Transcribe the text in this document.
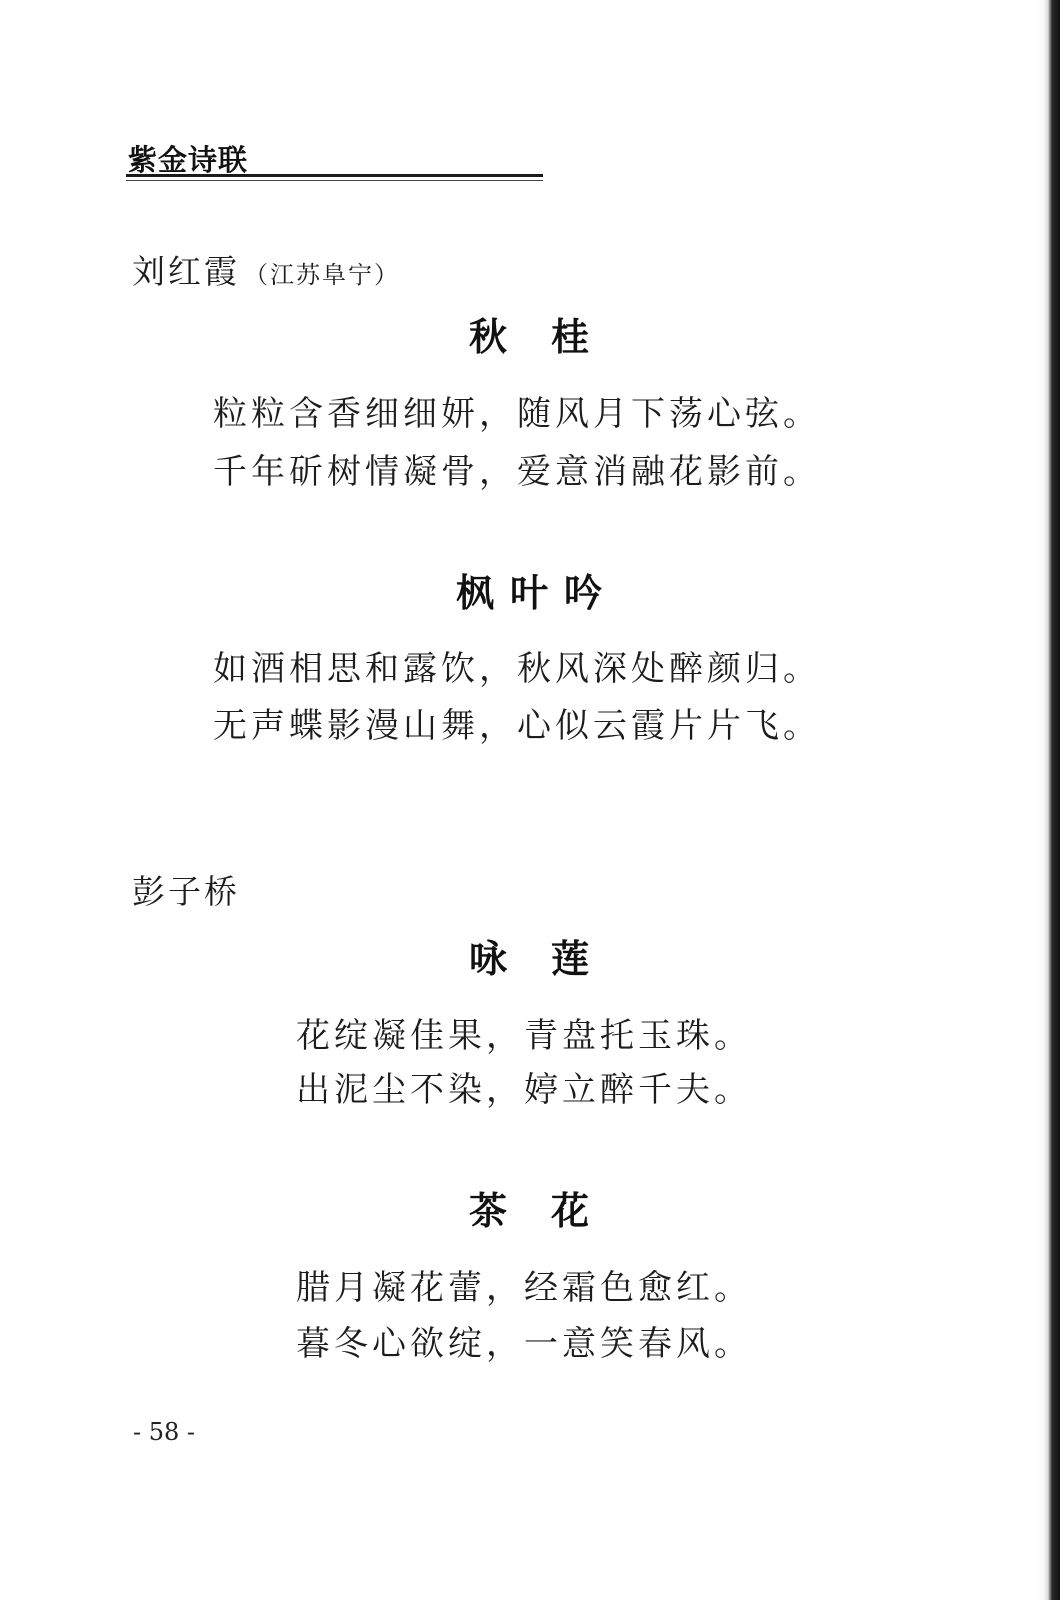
紫金诗联
刘红霞 （江苏阜宁）
秋 桂
粒粒含香细细妍，随风月下荡心弦。
千年斫树情凝骨，爱意消融花影前。
枫 叶 吟
如酒相思和露饮，秋风深处醉颜归。
无声蝶影漫山舞，心似云霞片片飞。
彭子桥
咏 莲
花绽凝佳果，青盘托玉珠。
出泥尘不染，婷立醉千夫。
茶 花
腊月凝花蕾，经霜色愈红。
暮冬心欲绽，一意笑春风。
- 58 -
